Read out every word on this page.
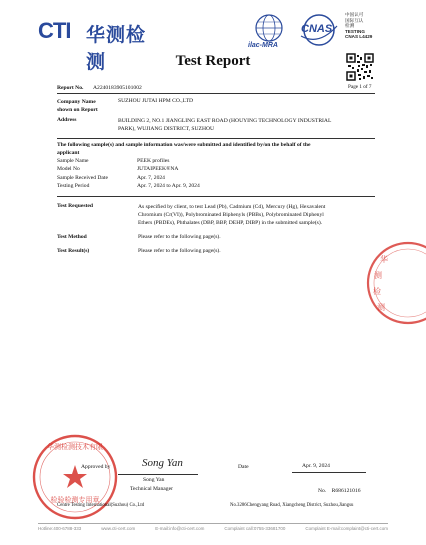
CTI 华测检测
ilac-MRA
CNAS
中国认可
国际互认
检测
TESTING
CNAS L4429
Test Report
Page 1 of 7
Report No. A2240183905101002
Company Name
shown on Report
SUZHOU JUTAI HPM CO.,LTD
Address	BUILDING 2, NO.1 JIANGLING EAST ROAD (HOUYING TECHNOLOGY INDUSTRIAL
PARK), WUJIANG DISTRICT, SUZHOU
The following sample(s) and sample information was/were submitted and identified by/on the behalf of the
applicant
Sample Name	PEEK profiles
Model No	JUTAIPEEK®NA
Sample Received Date	Apr. 7, 2024
Testing Period	Apr. 7, 2024 to Apr. 9, 2024
Test Requested	As specified by client, to test Lead (Pb), Cadmium (Cd), Mercury (Hg), Hexavalent
Chromium (Cr(VI)), Polybrominated Biphenyls (PBBs), Polybrominated Diphenyl
Ethers (PBDEs), Phthalates (DBP, BBP, DEHP, DIBP) in the submitted sample(s).
Test Method	Please refer to the following page(s).
Test Result(s)	Please refer to the following page(s).
华
测
检
测
华测检测技术有限
检验检测专用章
Approved by	Song Yan
Song Yan
Technical Manager
Date	Apr. 9, 2024
No. R686121016
Centre Testing International(Suzhou) Co.,Ltd	No.3286Chengyang Road, Xiangcheng District, Suzhou,Jiangsu
Hotline:400-6788-333	www.cti-cert.com	E-mail:info@cti-cert.com	Complaint call:0755-33681700	Complaint E-mail:complaint@cti-cert.com
